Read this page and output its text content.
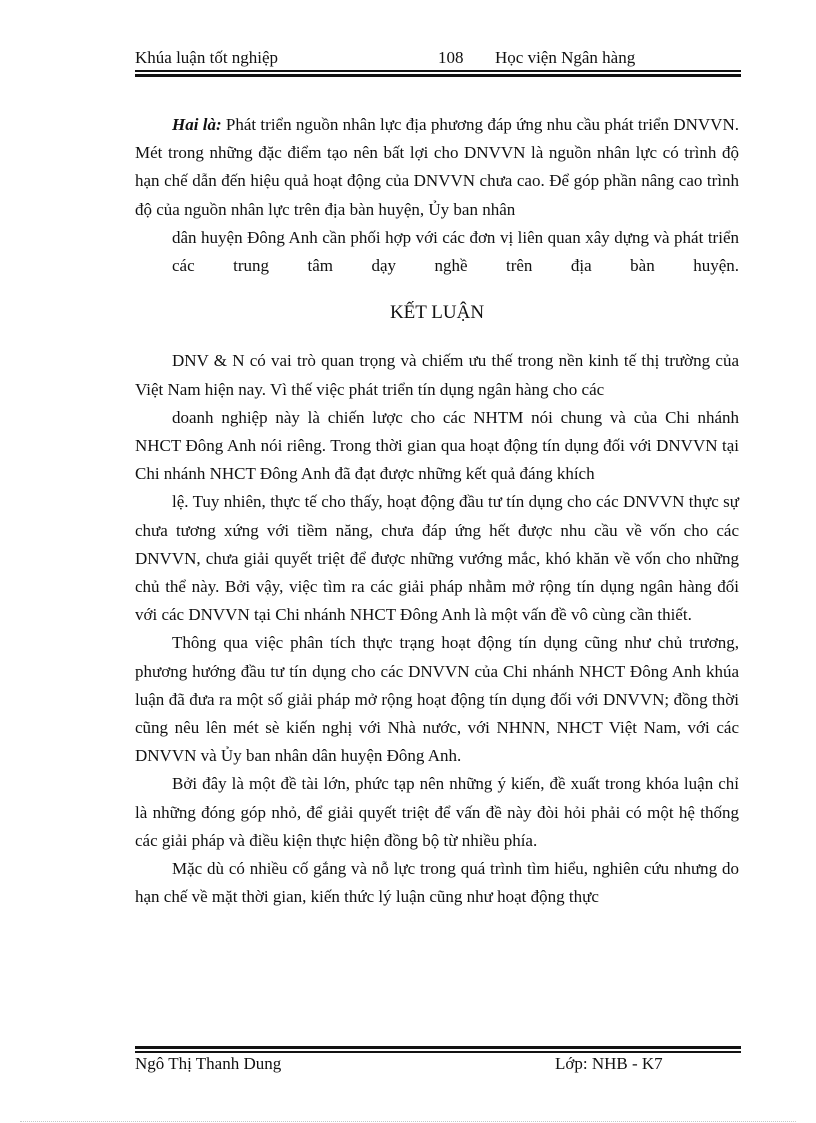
Khúa luận tốt nghiệp	108 Học viện Ngân hàng

Hai là: Phát triển nguồn nhân lực địa phương đáp ứng nhu cầu phát triển DNVVN. Mét trong những đặc điểm tạo nên bất lợi cho DNVVN là nguồn nhân lực có trình độ hạn chế dẫn đến hiệu quả hoạt động của DNVVN chưa cao. Để góp phần nâng cao trình độ của nguồn nhân lực trên địa bàn huyện, Ủy ban nhân

dân huyện Đông Anh cần phối hợp với các đơn vị liên quan xây dựng và phát triển các trung tâm dạy nghề trên địa bàn huyện.

KẾT LUẬN

DNV & N có vai trò quan trọng và chiếm ưu thế trong nền kinh tế thị trường của Việt Nam hiện nay. Vì thế việc phát triển tín dụng ngân hàng cho các

doanh nghiệp này là chiến lược cho các NHTM nói chung và của Chi nhánh NHCT Đông Anh nói riêng. Trong thời gian qua hoạt động tín dụng đối với DNVVN tại Chi nhánh NHCT Đông Anh đã đạt được những kết quả đáng khích

lệ. Tuy nhiên, thực tế cho thấy, hoạt động đầu tư tín dụng cho các DNVVN thực sự chưa tương xứng với tiềm năng, chưa đáp ứng hết được nhu cầu về vốn cho các DNVVN, chưa giải quyết triệt để được những vướng mắc, khó khăn về vốn cho những chủ thể này. Bởi vậy, việc tìm ra các giải pháp nhằm mở rộng tín dụng ngân hàng đối với các DNVVN tại Chi nhánh NHCT Đông Anh là một vấn đề vô cùng cần thiết.

Thông qua việc phân tích thực trạng hoạt động tín dụng cũng như chủ trương, phương hướng đầu tư tín dụng cho các DNVVN của Chi nhánh NHCT Đông Anh khúa luận đã đưa ra một số giải pháp mở rộng hoạt động tín dụng đối với DNVVN; đồng thời cũng nêu lên mét sè kiến nghị với Nhà nước, với NHNN, NHCT Việt Nam, với các DNVVN và Ủy ban nhân dân huyện Đông Anh.

Bởi đây là một đề tài lớn, phức tạp nên những ý kiến, đề xuất trong khóa luận chỉ là những đóng góp nhỏ, để giải quyết triệt để vấn đề này đòi hỏi phải có một hệ thống các giải pháp và điều kiện thực hiện đồng bộ từ nhiều phía.

Mặc dù có nhiều cố gắng và nỗ lực trong quá trình tìm hiểu, nghiên cứu nhưng do hạn chế về mặt thời gian, kiến thức lý luận cũng như hoạt động thực

Ngô Thị Thanh Dung	Lớp: NHB - K7
